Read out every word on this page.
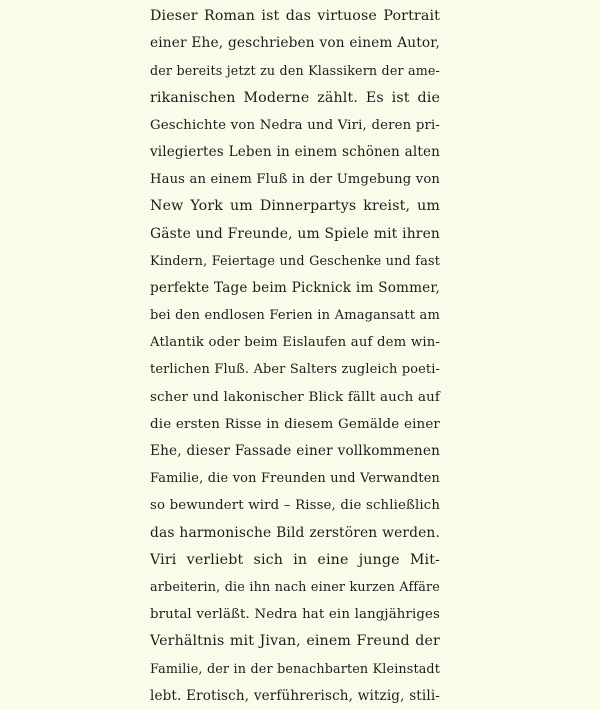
Dieser Roman ist das virtuose Portrait
einer Ehe, geschrieben von einem Autor,
der bereits jetzt zu den Klassikern der ame-
rikanischen Moderne zählt. Es ist die
Geschichte von Nedra und Viri, deren pri-
vilegiertes Leben in einem schönen alten
Haus an einem Fluß in der Umgebung von
New York um Dinnerpartys kreist, um
Gäste und Freunde, um Spiele mit ihren
Kindern, Feiertage und Geschenke und fast
perfekte Tage beim Picknick im Sommer,
bei den endlosen Ferien in Amagansatt am
Atlantik oder beim Eislaufen auf dem win-
terlichen Fluß. Aber Salters zugleich poeti-
scher und lakonischer Blick fällt auch auf
die ersten Risse in diesem Gemälde einer
Ehe, dieser Fassade einer vollkommenen
Familie, die von Freunden und Verwandten
so bewundert wird – Risse, die schließlich
das harmonische Bild zerstören werden.
Viri verliebt sich in eine junge Mit-
arbeiterin, die ihn nach einer kurzen Affäre
brutal verläßt. Nedra hat ein langjähriges
Verhältnis mit Jivan, einem Freund der
Familie, der in der benachbarten Kleinstadt
lebt. Erotisch, verführerisch, witzig, stili-
